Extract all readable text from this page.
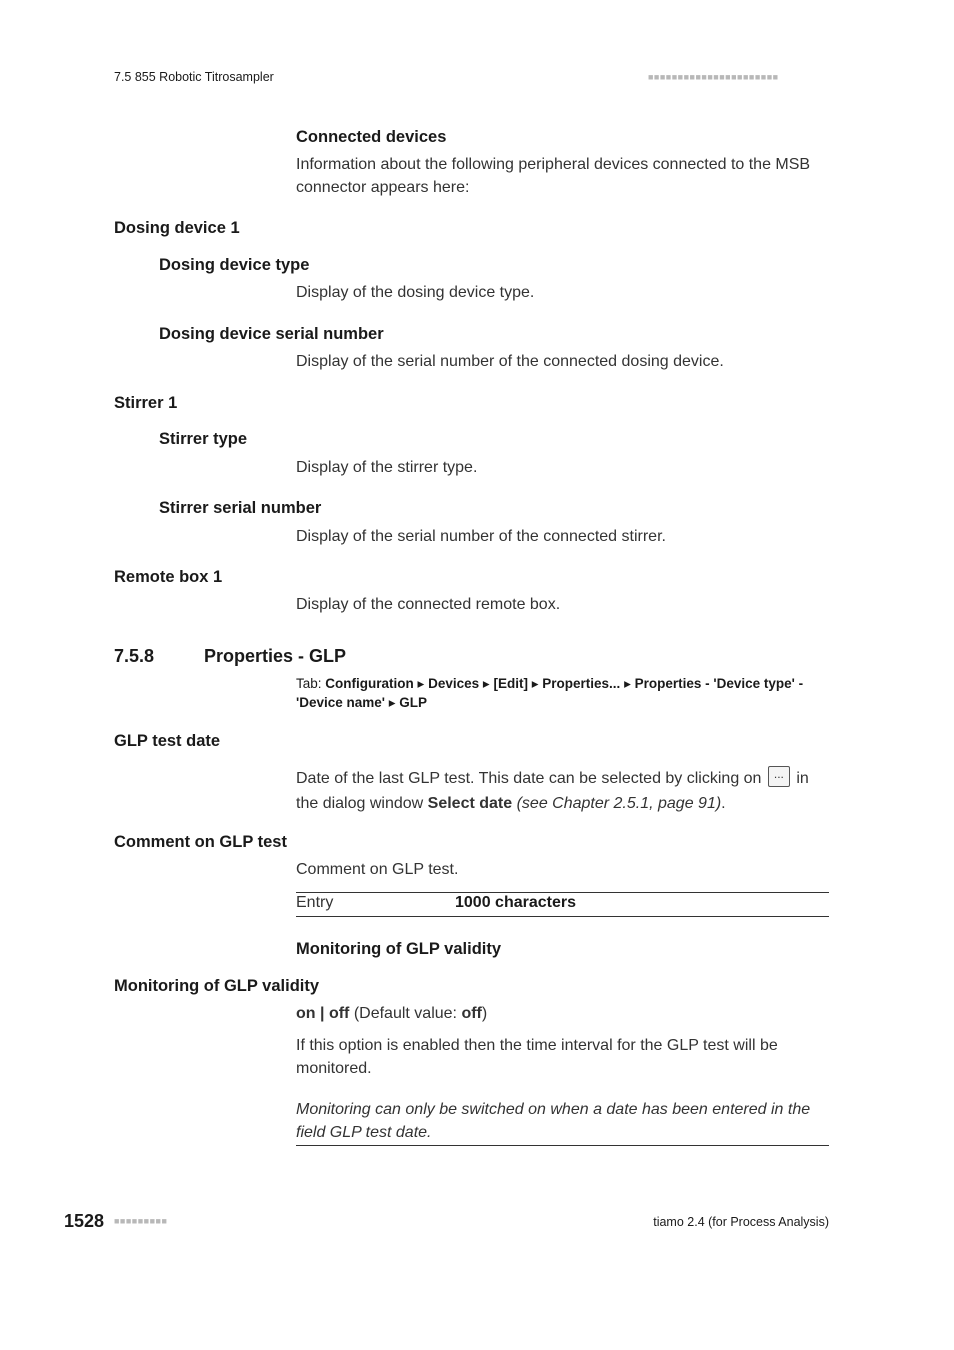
7.5 855 Robotic Titrosampler	■■■■■■■■■■■■■■■■■■■■■■
Connected devices
Information about the following peripheral devices connected to the MSB connector appears here:
Dosing device 1
Dosing device type
Display of the dosing device type.
Dosing device serial number
Display of the serial number of the connected dosing device.
Stirrer 1
Stirrer type
Display of the stirrer type.
Stirrer serial number
Display of the serial number of the connected stirrer.
Remote box 1
Display of the connected remote box.
7.5.8	Properties - GLP
Tab: Configuration ▸ Devices ▸ [Edit] ▸ Properties... ▸ Properties - 'Device type' - 'Device name' ▸ GLP
GLP test date
Date of the last GLP test. This date can be selected by clicking on ... in the dialog window Select date (see Chapter 2.5.1, page 91).
Comment on GLP test
Comment on GLP test.
Entry	1000 characters
Monitoring of GLP validity
Monitoring of GLP validity
on | off (Default value: off)
If this option is enabled then the time interval for the GLP test will be monitored.
Monitoring can only be switched on when a date has been entered in the field GLP test date.
1528 ■■■■■■■■■	tiamo 2.4 (for Process Analysis)
